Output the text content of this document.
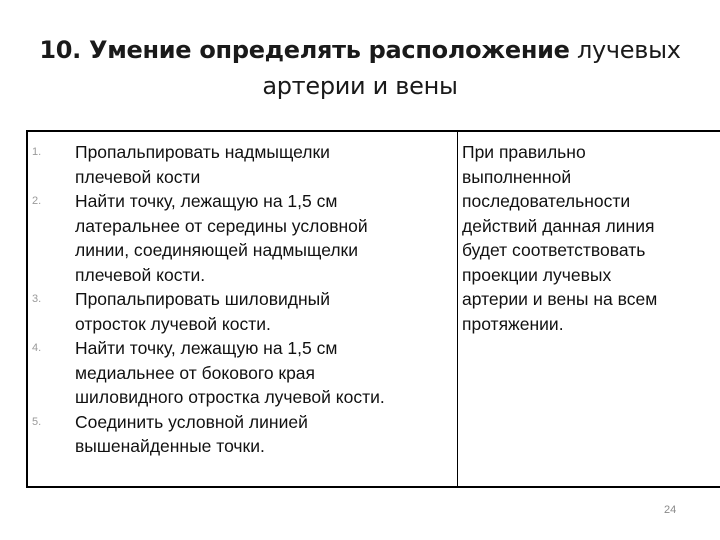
10. Умение определять расположение лучевых
артерии и вены
1. Пропальпировать надмыщелки
плечевой кости
2. Найти точку, лежащую на 1,5 см
латеральнее от середины условной
линии, соединяющей надмыщелки
плечевой кости.
3. Пропальпировать шиловидный
отросток лучевой кости.
4. Найти точку, лежащую на 1,5 см
медиальнее от бокового края
шиловидного отростка лучевой кости.
5. Соединить условной линией
вышенайденные точки.
При правильно
выполненной
последовательности
действий данная линия
будет соответствовать
проекции лучевых
артерии и вены на всем
протяжении.
24
